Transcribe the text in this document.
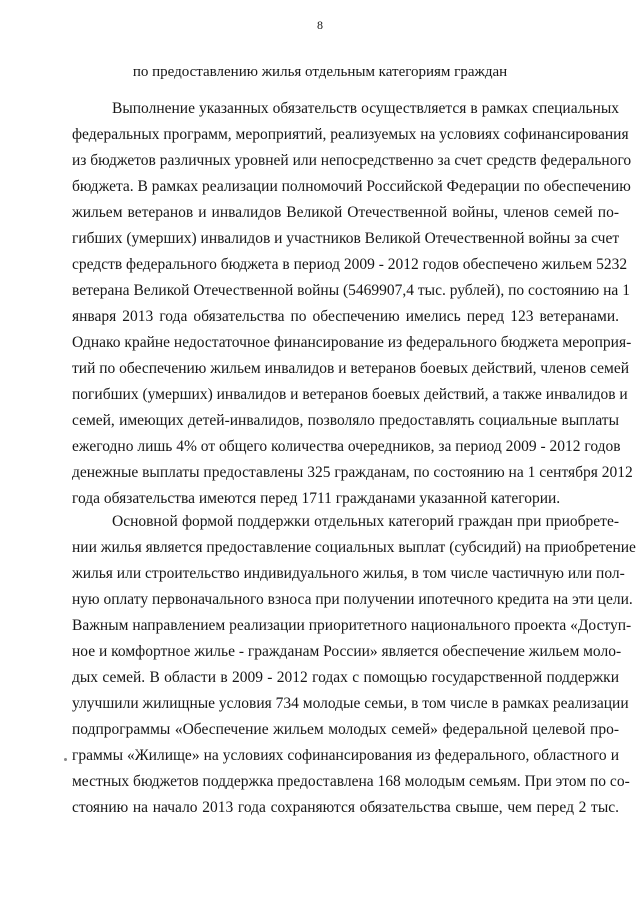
8
по предоставлению жилья отдельным категориям граждан
Выполнение указанных обязательств осуществляется в рамках специальных
федеральных программ, мероприятий, реализуемых на условиях софинансирования
из бюджетов различных уровней или непосредственно за счет средств федерального
бюджета. В рамках реализации полномочий Российской Федерации по обеспечению
жильем ветеранов и инвалидов Великой Отечественной войны, членов семей по-
гибших (умерших) инвалидов и участников Великой Отечественной войны за счет
средств федерального бюджета в период 2009 - 2012 годов обеспечено жильем 5232
ветерана Великой Отечественной войны (5469907,4 тыс. рублей), по состоянию на 1
января 2013 года обязательства по обеспечению имелись перед 123 ветеранами.
Однако крайне недостаточное финансирование из федерального бюджета мероприя-
тий по обеспечению жильем инвалидов и ветеранов боевых действий, членов семей
погибших (умерших) инвалидов и ветеранов боевых действий, а также инвалидов и
семей, имеющих детей-инвалидов, позволяло предоставлять социальные выплаты
ежегодно лишь 4% от общего количества очередников, за период 2009 - 2012 годов
денежные выплаты предоставлены 325 гражданам, по состоянию на 1 сентября 2012
года обязательства имеются перед 1711 гражданами указанной категории.
Основной формой поддержки отдельных категорий граждан при приобрете-
нии жилья является предоставление социальных выплат (субсидий) на приобретение
жилья или строительство индивидуального жилья, в том числе частичную или пол-
ную оплату первоначального взноса при получении ипотечного кредита на эти цели.
Важным направлением реализации приоритетного национального проекта «Доступ-
ное и комфортное жилье - гражданам России» является обеспечение жильем моло-
дых семей. В области в 2009 - 2012 годах с помощью государственной поддержки
улучшили жилищные условия 734 молодые семьи, в том числе в рамках реализации
подпрограммы «Обеспечение жильем молодых семей» федеральной целевой про-
граммы «Жилище» на условиях софинансирования из федерального, областного и
местных бюджетов поддержка предоставлена 168 молодым семьям. При этом по со-
стоянию на начало 2013 года сохраняются обязательства свыше, чем перед 2 тыс.
